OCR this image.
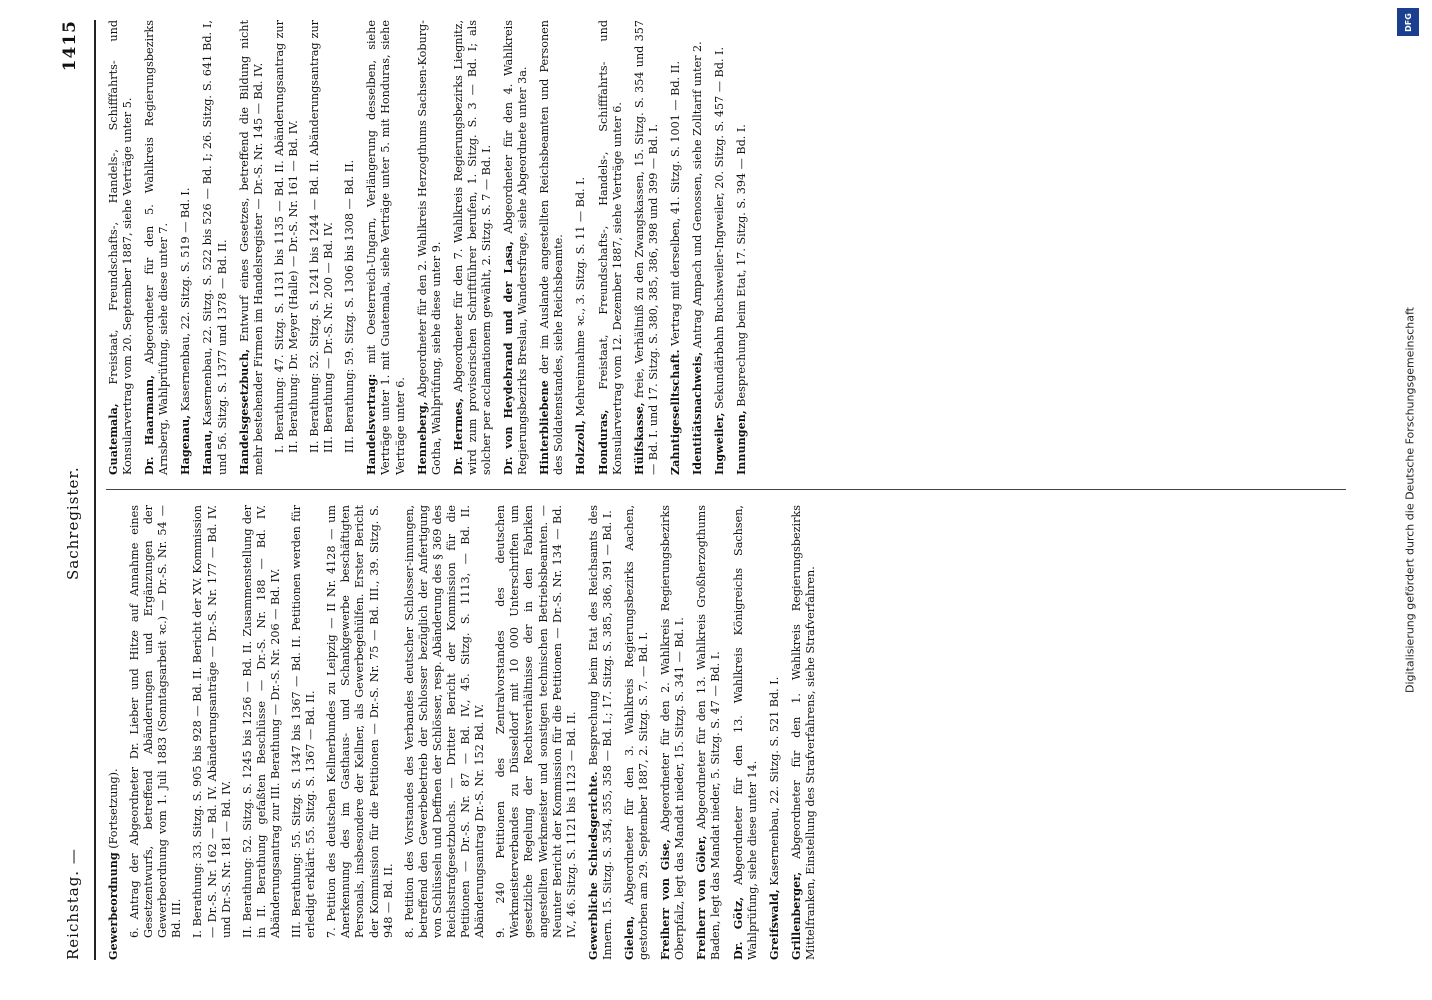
Reichstag. —
Sachregister.
1415
Gewerbeordnung (Fortsetzung). 6. Antrag der Abgeordneter Dr. Lieber und Hitze auf Annahme eines Gesetzentwurfs, betreffend Abänderungen und Ergänzungen der Gewerbeordnung vom 1. Juli 1883 (Sonntagsarbeit ꝛc.) — Dr.-S. Nr. 54 — Bd. III. I. Berathung: 33. Sitzg. S. 905 bis 928 — Bd. II. Bericht der XV. Kommission — Dr.-S. Nr. 162 — Bd. IV. Abänderungsanträge — Dr.-S. Nr. 177 — Bd. IV. und Dr.-S. Nr. 181 — Bd. IV. II. Berathung: 52. Sitzg. S. 1245 bis 1256 — Bd. II. Zusammenstellung der in II. Berathung gefaßten Beschlüsse — Dr.-S. Nr. 188 — Bd. IV. Abänderungsantrag zur III. Berathung — Dr.-S. Nr. 206 — Bd. IV. III. Berathung: 55. Sitzg. S. 1347 bis 1367 — Bd. II. Petitionen werden für erledigt erklärt: 55. Sitzg. S. 1367 — Bd. II. 7. Petition des deutschen Kellnerbundes zu Leipzig — II Nr. 4128 — um Anerkennung des im Gasthaus- und Schankgewerbe beschäftigten Personals, insbesondere der Kellner, als Gewerbegehülfen. Erster Bericht der Kommission für die Petitionen — Dr.-S. Nr. 75 — Bd. III., 39. Sitzg. S. 948 — Bd. II. 8. Petition des Vorstandes des Verbandes deutscher Schlosser-innungen, betreffend den Gewerbebetrieb der Schlosser bezüglich der Anfertigung von Schlüsseln und Deffnen der Schlösser, resp. Abänderung des § 369 des Reichsstrafgesetzbuchs. — Dritter Bericht der Kommission für die Petitionen — Dr.-S. Nr. 87 — Bd. IV., 45. Sitzg. S. 1113, — Bd. II. Abänderungsantrag Dr.-S. Nr. 152 Bd. IV. 9. 240 Petitionen des Zentralvorstandes des deutschen Werkmeisterverbandes zu Düsseldorf mit 10 000 Unterschriften um gesetzliche Regelung der Rechtsverhältnisse der in den Fabriken angestellten Werkmeister und sonstigen technischen Betriebsbeamten. — Neunter Bericht der Kommission für die Petitionen — Dr.-S. Nr. 134 — Bd. IV., 46. Sitzg. S. 1121 bis 1123 — Bd. II. Gewerbliche Schiedsgerichte. Besprechung beim Etat des Reichsamts des Innern. 15. Sitzg. S. 354, 355, 358 — Bd. I.; 17. Sitzg. S. 385, 386, 391 — Bd. I. Gielen, Abgeordneter für den 3. Wahlkreis Regierungsbezirks Aachen, gestorben am 29. September 1887, 2. Sitzg. S. 7. — Bd. I. Freiherr von Gise, Abgeordneter für den 2. Wahlkreis Regierungsbezirks Oberpfalz, legt das Mandat nieder, 15. Sitzg. S. 341 — Bd. I. Freiherr von Göler, Abgeordneter für den 13. Wahlkreis Großherzogthums Baden, legt das Mandat nieder, 5. Sitzg. S. 47 — Bd. I. Dr. Götz, Abgeordneter für den 13. Wahlkreis Königreichs Sachsen, Wahlprüfung, siehe diese unter 14. Greifswald, Kasernenbau, 22. Sitzg. S. 521 Bd. I.
Grillenberger, Abgeordneter für den 1. Wahlkreis Regierungsbezirks Mittelfranken, Einstellung des Strafverfahrens, siehe Strafverfahren.
Guatemala, Freistaat, Freundschafts-, Handels-, Schifffahrts- und Konsularvertrag vom 20. September 1887, siehe Verträge unter 5. Dr. Haarmann, Abgeordneter für den 5. Wahlkreis Regierungsbezirks Arnsberg, Wahlprüfung, siehe diese unter 7. Hagenau, Kasernenbau, 22. Sitzg. S. 519 — Bd. I.
Hanau, Kasernenbau, 22. Sitzg. S. 522 bis 526 — Bd. I; 26. Sitzg. S. 641 Bd. I, und 56. Sitzg. S. 1377 und 1378 — Bd. II. Handelsgesetzbuch, Entwurf eines Gesetzes, betreffend die Bildung nicht mehr bestehender Firmen im Handelsregister — Dr.-S. Nr. 145 — Bd. IV. I. Berathung: 47. Sitzg. S. 1131 bis 1135 — Bd. II. Abänderungsantrag zur II. Berathung: Dr. Meyer (Halle) — Dr.-S. Nr. 161 — Bd. IV. II. Berathung: 52. Sitzg. S. 1241 bis 1244 — Bd. II. Abänderungsantrag zur III. Berathung — Dr.-S. Nr. 200 — Bd. IV. III. Berathung: 59. Sitzg. S. 1306 bis 1308 — Bd. II. Handelsvertrag: mit Oesterreich-Ungarn, Verlängerung desselben, siehe Verträge unter 1. mit Guatemala, siehe Verträge unter 5. mit Honduras, siehe Verträge unter 6. Henneberg, Abgeordneter für den 2. Wahlkreis Herzogthums Sachsen-Koburg-Gotha, Wahlprüfung, siehe diese unter 9. Dr. Hermes, Abgeordneter für den 7. Wahlkreis Regierungsbezirks Liegnitz, wird zum provisorischen Schriftführer berufen, 1. Sitzg. S. 3 — Bd. I; als solcher per acclamationem gewählt, 2. Sitzg. S. 7 — Bd. I. Dr. von Heydebrand und der Lasa, Abgeordneter für den 4. Wahlkreis Regierungsbezirks Breslau, Wandersfrage, siehe Abgeordnete unter 3a. Hinterbliebene der im Auslande angestellten Reichsbeamten und Personen des Soldatenstandes, siehe Reichsbeamte. Holzzoll, Mehreinnahme ꝛc., 3. Sitzg. S. 11 — Bd. I.
Honduras, Freistaat, Freundschafts-, Handels-, Schifffahrts- und Konsularvertrag vom 12. Dezember 1887, siehe Verträge unter 6. Hülfskasse, freie, Verhältniß zu den Zwangskassen, 15. Sitzg. S. 354 und 357 — Bd. I. und 17. Sitzg. S. 380, 385, 386, 398 und 399 — Bd. I. Zahntigeselltschaft. Vertrag mit derselben, 41. Sitzg. S. 1001 — Bd. II.
Identitätsnachweis, Antrag Ampach und Genossen, siehe Zolltarif unter 2.
Ingweiler, Sekundärbahn Buchsweiler-Ingweiler, 20. Sitzg. S. 457 — Bd. I.
Innungen, Besprechung beim Etat, 17. Sitzg. S. 394 — Bd. I.
DFG
Digitalisierung gefördert durch die Deutsche Forschungsgemeinschaft
